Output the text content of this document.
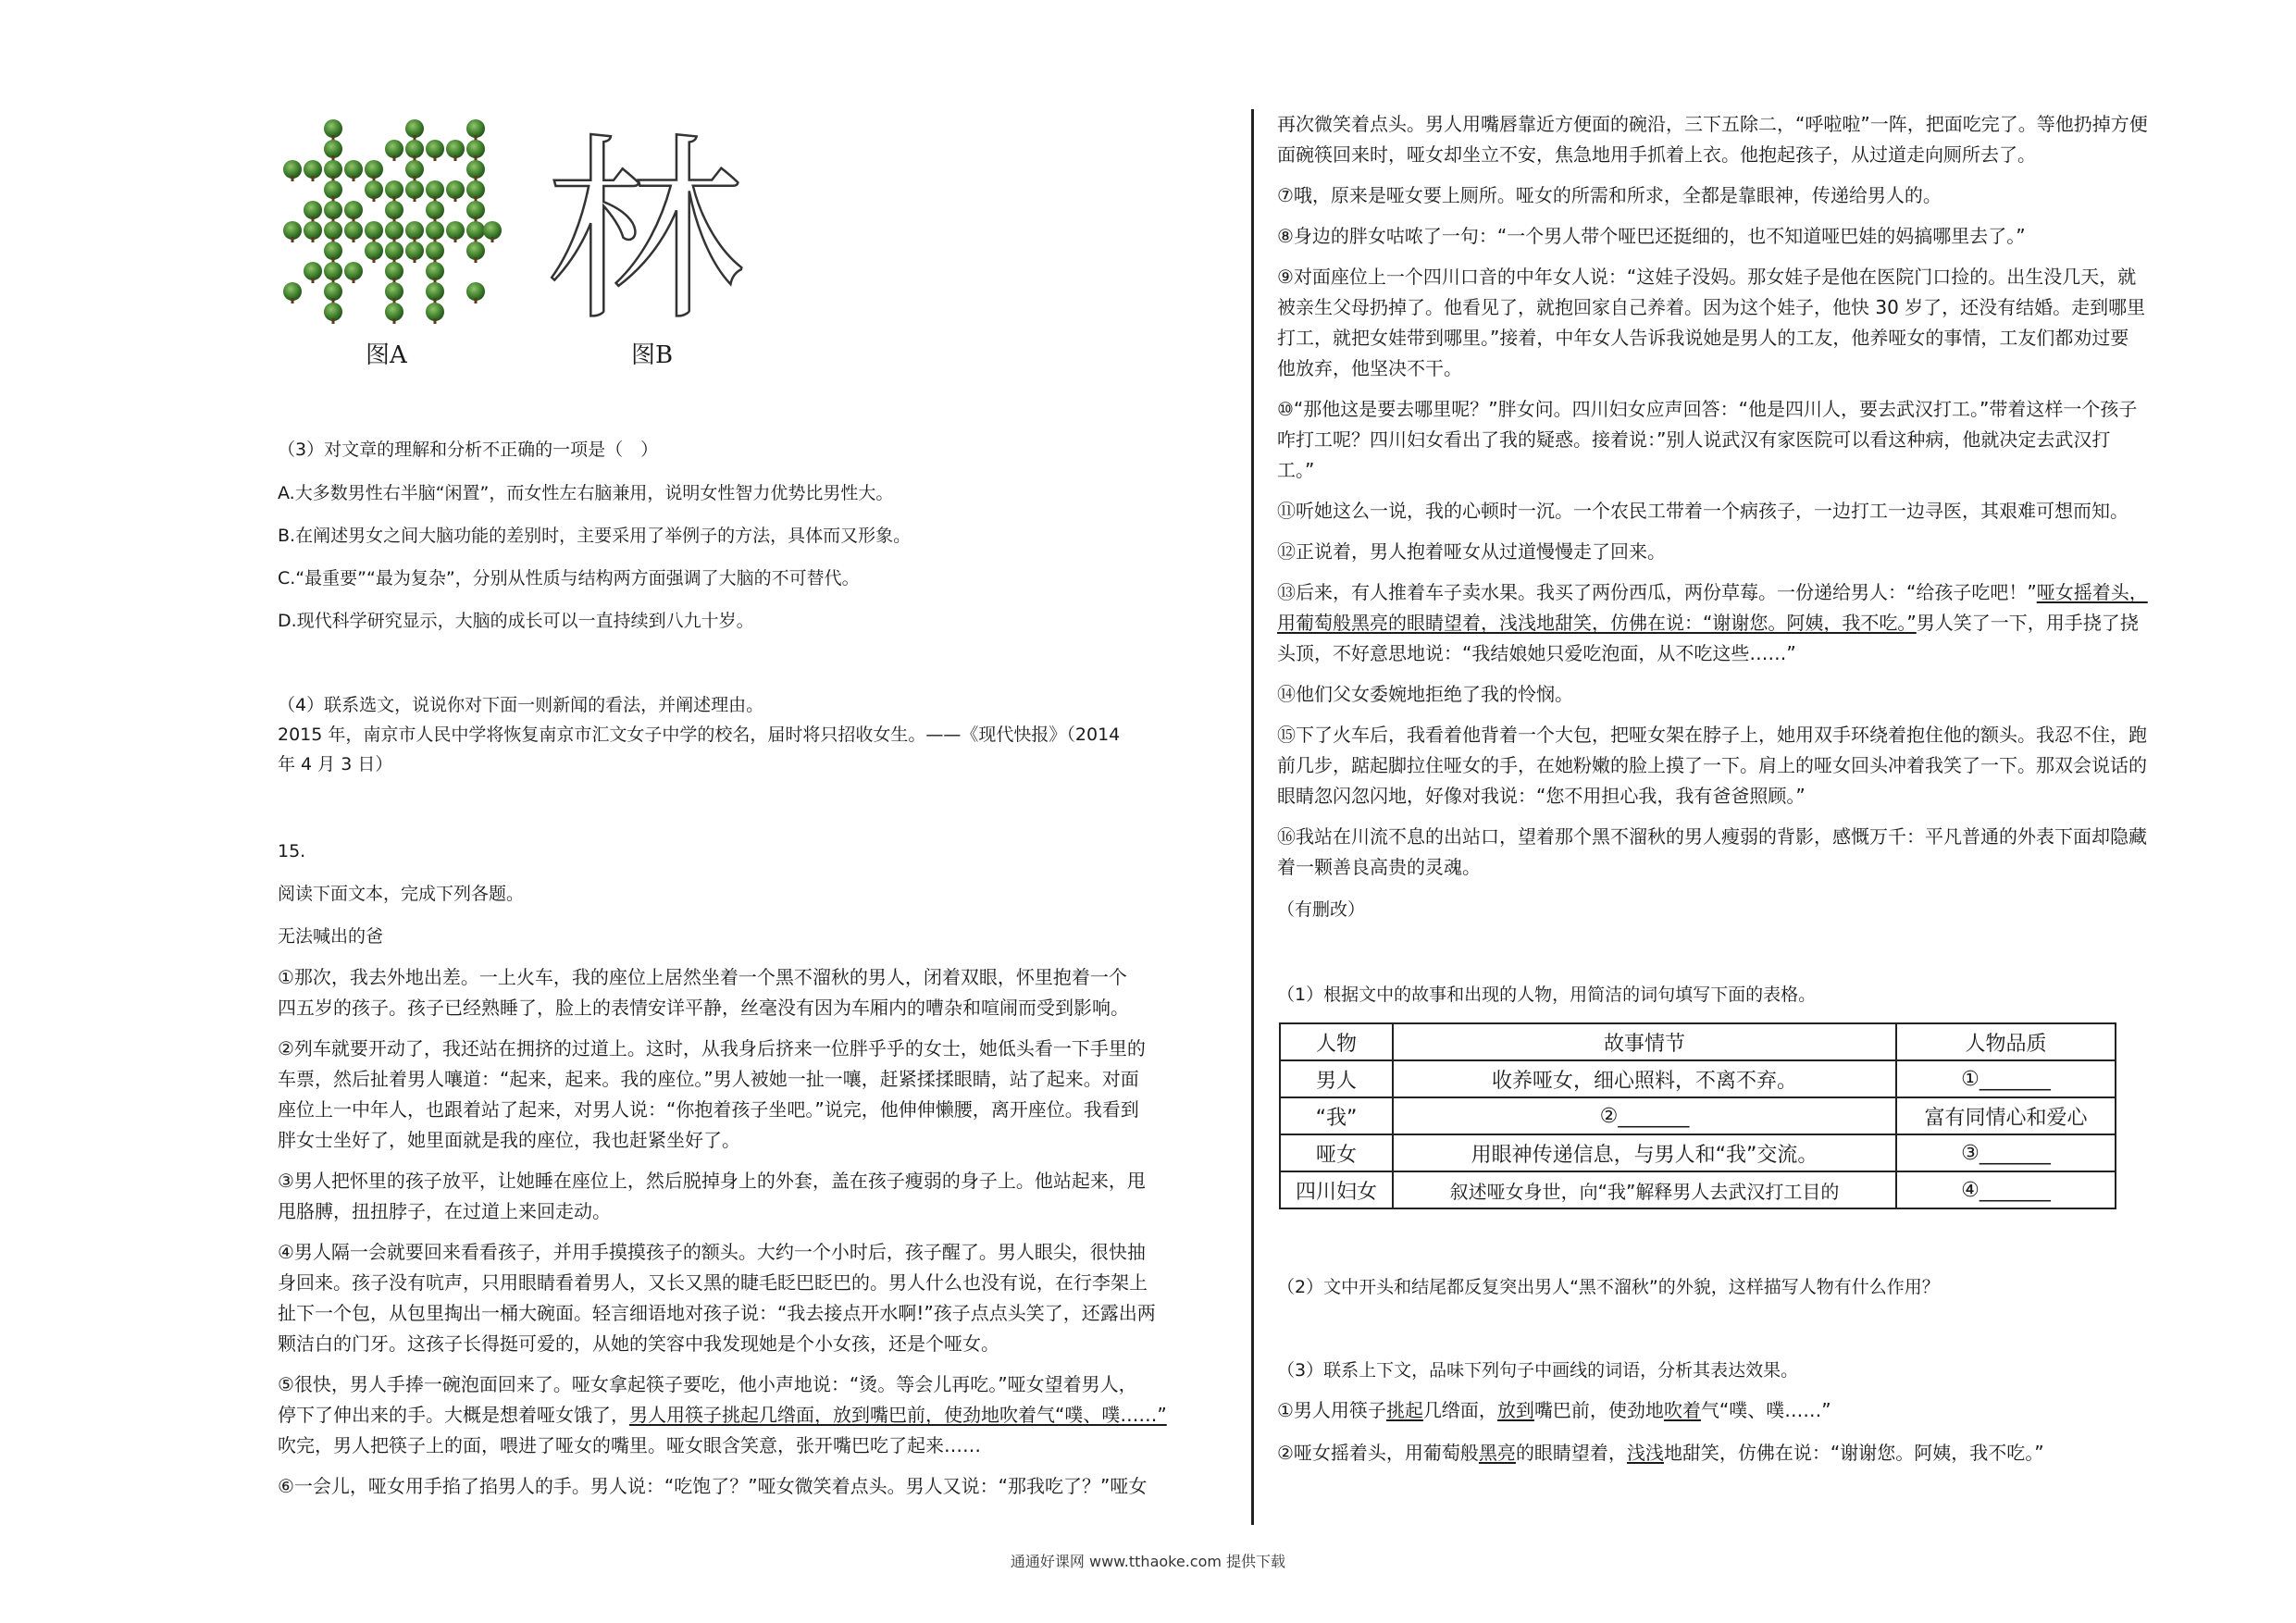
林
图A	图B

（3）对文章的理解和分析不正确的一项是（　）

A.大多数男性右半脑“闲置”，而女性左右脑兼用，说明女性智力优势比男性大。

B.在阐述男女之间大脑功能的差别时，主要采用了举例子的方法，具体而又形象。

C.“最重要”“最为复杂”，分别从性质与结构两方面强调了大脑的不可替代。

D.现代科学研究显示，大脑的成长可以一直持续到八九十岁。

（4）联系选文，说说你对下面一则新闻的看法，并阐述理由。

2015 年，南京市人民中学将恢复南京市汇文女子中学的校名，届时将只招收女生。——《现代快报》（2014

年 4 月 3 日）

15.

阅读下面文本，完成下列各题。

无法喊出的爸

①那次，我去外地出差。一上火车，我的座位上居然坐着一个黑不溜秋的男人，闭着双眼，怀里抱着一个

四五岁的孩子。孩子已经熟睡了，脸上的表情安详平静，丝毫没有因为车厢内的嘈杂和喧闹而受到影响。

②列车就要开动了，我还站在拥挤的过道上。这时，从我身后挤来一位胖乎乎的女士，她低头看一下手里的

车票，然后扯着男人嚷道：“起来，起来。我的座位。”男人被她一扯一嚷，赶紧揉揉眼睛，站了起来。对面

座位上一中年人，也跟着站了起来，对男人说：“你抱着孩子坐吧。”说完，他伸伸懒腰，离开座位。我看到

胖女士坐好了，她里面就是我的座位，我也赶紧坐好了。

③男人把怀里的孩子放平，让她睡在座位上，然后脱掉身上的外套，盖在孩子瘦弱的身子上。他站起来，甩

甩胳膊，扭扭脖子，在过道上来回走动。

④男人隔一会就要回来看看孩子，并用手摸摸孩子的额头。大约一个小时后，孩子醒了。男人眼尖，很快抽

身回来。孩子没有吭声，只用眼睛看着男人，又长又黑的睫毛眨巴眨巴的。男人什么也没有说，在行李架上

扯下一个包，从包里掏出一桶大碗面。轻言细语地对孩子说：“我去接点开水啊!”孩子点点头笑了，还露出两

颗洁白的门牙。这孩子长得挺可爱的，从她的笑容中我发现她是个小女孩，还是个哑女。

⑤很快，男人手捧一碗泡面回来了。哑女拿起筷子要吃，他小声地说：“烫。等会儿再吃。”哑女望着男人，

停下了伸出来的手。大概是想着哑女饿了，男人用筷子挑起几绺面，放到嘴巴前，使劲地吹着气“噗、噗……”

吹完，男人把筷子上的面，喂进了哑女的嘴里。哑女眼含笑意，张开嘴巴吃了起来……

⑥一会儿，哑女用手掐了掐男人的手。男人说：“吃饱了？”哑女微笑着点头。男人又说：“那我吃了？”哑女

再次微笑着点头。男人用嘴唇靠近方便面的碗沿，三下五除二，“呼啦啦”一阵，把面吃完了。等他扔掉方便

面碗筷回来时，哑女却坐立不安，焦急地用手抓着上衣。他抱起孩子，从过道走向厕所去了。

⑦哦，原来是哑女要上厕所。哑女的所需和所求，全都是靠眼神，传递给男人的。

⑧身边的胖女咕哝了一句：“一个男人带个哑巴还挺细的，也不知道哑巴娃的妈搞哪里去了。”

⑨对面座位上一个四川口音的中年女人说：“这娃子没妈。那女娃子是他在医院门口捡的。出生没几天，就

被亲生父母扔掉了。他看见了，就抱回家自己养着。因为这个娃子，他快 30 岁了，还没有结婚。走到哪里

打工，就把女娃带到哪里。”接着，中年女人告诉我说她是男人的工友，他养哑女的事情，工友们都劝过要

他放弃，他坚决不干。

⑩“那他这是要去哪里呢？”胖女问。四川妇女应声回答：“他是四川人，要去武汉打工。”带着这样一个孩子

咋打工呢？四川妇女看出了我的疑惑。接着说：”别人说武汉有家医院可以看这种病，他就决定去武汉打

工。”

⑪听她这么一说，我的心顿时一沉。一个农民工带着一个病孩子，一边打工一边寻医，其艰难可想而知。

⑫正说着，男人抱着哑女从过道慢慢走了回来。

⑬后来，有人推着车子卖水果。我买了两份西瓜，两份草莓。一份递给男人：“给孩子吃吧！”哑女摇着头，

用葡萄般黑亮的眼睛望着，浅浅地甜笑，仿佛在说：“谢谢您。阿姨，我不吃。”男人笑了一下，用手挠了挠

头顶，不好意思地说：“我结娘她只爱吃泡面，从不吃这些……”

⑭他们父女委婉地拒绝了我的怜悯。

⑮下了火车后，我看着他背着一个大包，把哑女架在脖子上，她用双手环绕着抱住他的额头。我忍不住，跑

前几步，踮起脚拉住哑女的手，在她粉嫩的脸上摸了一下。肩上的哑女回头冲着我笑了一下。那双会说话的

眼睛忽闪忽闪地，好像对我说：“您不用担心我，我有爸爸照顾。”

⑯我站在川流不息的出站口，望着那个黑不溜秋的男人瘦弱的背影，感慨万千：平凡普通的外表下面却隐藏

着一颗善良高贵的灵魂。

（有删改）

（1）根据文中的故事和出现的人物，用简洁的词句填写下面的表格。

人物	故事情节	人物品质
男人	收养哑女，细心照料，不离不弃。	①_______
“我”	②_______	富有同情心和爱心
哑女	用眼神传递信息，与男人和“我”交流。	③_______
四川妇女	叙述哑女身世，向“我”解释男人去武汉打工目的	④_______

（2）文中开头和结尾都反复突出男人“黑不溜秋”的外貌，这样描写人物有什么作用？

（3）联系上下文，品味下列句子中画线的词语，分析其表达效果。

①男人用筷子挑起几绺面，放到嘴巴前，使劲地吹着气“噗、噗……”

②哑女摇着头，用葡萄般黑亮的眼睛望着，浅浅地甜笑，仿佛在说：“谢谢您。阿姨，我不吃。”

通通好课网 www.tthaoke.com 提供下载
